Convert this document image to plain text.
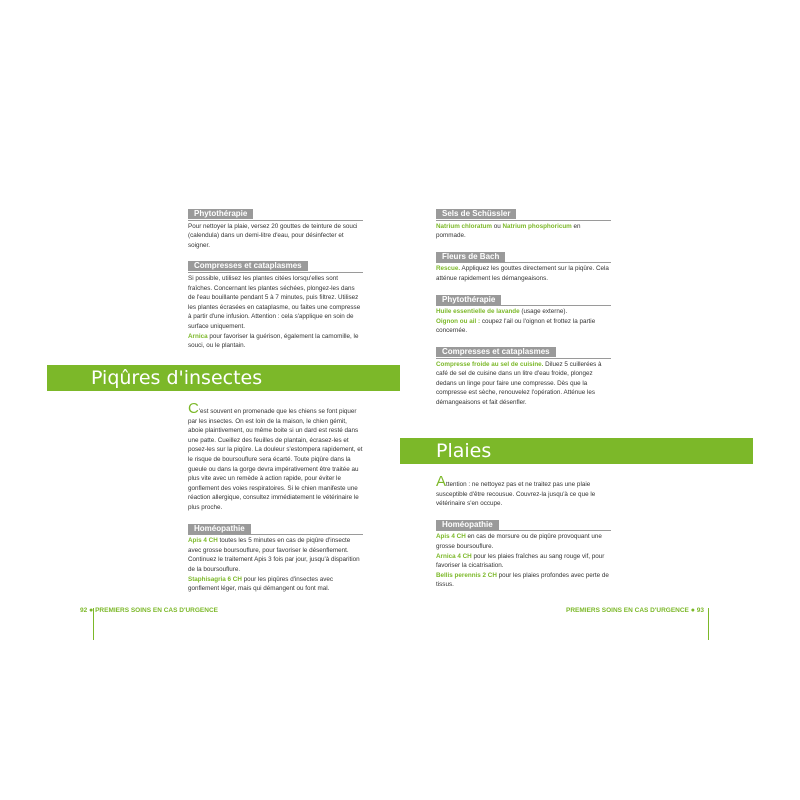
Phytothérapie

Pour nettoyer la plaie, versez 20 gouttes de teinture de souci (calendula) dans un demi-litre d'eau, pour désinfecter et soigner.

Compresses et cataplasmes

Si possible, utilisez les plantes citées lorsqu'elles sont fraîches. Concernant les plantes séchées, plongez-les dans de l'eau bouillante pendant 5 à 7 minutes, puis filtrez. Utilisez les plantes écrasées en cataplasme, ou faites une compresse à partir d'une infusion. Attention : cela s'applique en soin de surface uniquement.

Arnica pour favoriser la guérison, également la camomille, le souci, ou le plantain.

Piqûres d'insectes

C'est souvent en promenade que les chiens se font piquer par les insectes. On est loin de la maison, le chien gémit, aboie plaintivement, ou même boite si un dard est resté dans une patte. Cueillez des feuilles de plantain, écrasez-les et posez-les sur la piqûre. La douleur s'estompera rapidement, et le risque de boursouflure sera écarté. Toute piqûre dans la gueule ou dans la gorge devra impérativement être traitée au plus vite avec un remède à action rapide, pour éviter le gonflement des voies respiratoires. Si le chien manifeste une réaction allergique, consultez immédiatement le vétérinaire le plus proche.

Homéopathie

Apis 4 CH toutes les 5 minutes en cas de piqûre d'insecte avec grosse boursouflure, pour favoriser le désenflement. Continuez le traitement Apis 3 fois par jour, jusqu'à disparition de la boursouflure.

Staphisagria 6 CH pour les piqûres d'insectes avec gonflement léger, mais qui démangent ou font mal.

92 ● PREMIERS SOINS EN CAS D'URGENCE
Sels de Schüssler

Natrium chloratum ou Natrium phosphoricum en pommade.

Fleurs de Bach

Rescue. Appliquez les gouttes directement sur la piqûre. Cela atténue rapidement les démangeaisons.

Phytothérapie

Huile essentielle de lavande (usage externe).

Oignon ou ail : coupez l'ail ou l'oignon et frottez la partie concernée.

Compresses et cataplasmes

Compresse froide au sel de cuisine. Diluez 5 cuillerées à café de sel de cuisine dans un litre d'eau froide, plongez dedans un linge pour faire une compresse. Dès que la compresse est sèche, renouvelez l'opération. Atténue les démangeaisons et fait désenfler.

Plaies

Attention : ne nettoyez pas et ne traitez pas une plaie susceptible d'être recousue. Couvrez-la jusqu'à ce que le vétérinaire s'en occupe.

Homéopathie

Apis 4 CH en cas de morsure ou de piqûre provoquant une grosse boursouflure.

Arnica 4 CH pour les plaies fraîches au sang rouge vif, pour favoriser la cicatrisation.

Bellis perennis 2 CH pour les plaies profondes avec perte de tissus.

PREMIERS SOINS EN CAS D'URGENCE ● 93
